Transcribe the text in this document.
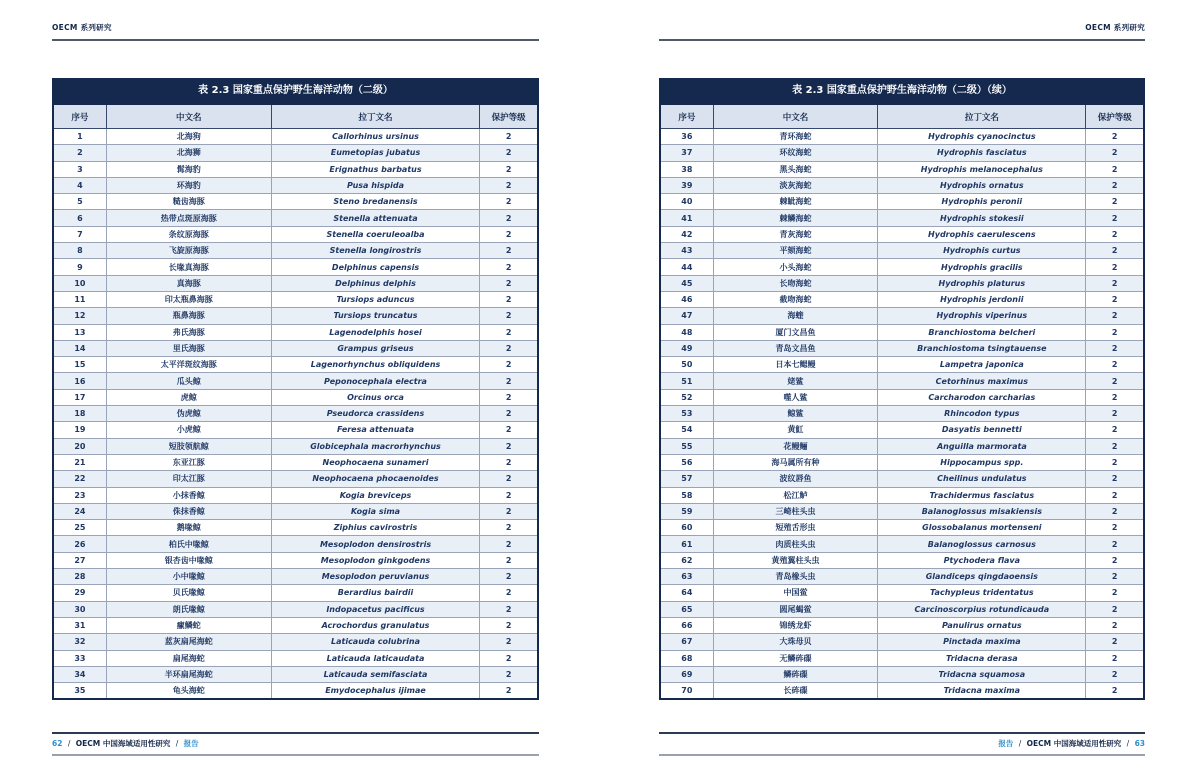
OECM 系列研究
表 2.3 国家重点保护野生海洋动物（二级）
序号	中文名	拉丁文名	保护等级
1	北海狗	Callorhinus ursinus	2
2	北海狮	Eumetopias jubatus	2
3	髯海豹	Erignathus barbatus	2
4	环海豹	Pusa hispida	2
5	糙齿海豚	Steno bredanensis	2
6	热带点斑原海豚	Stenella attenuata	2
7	条纹原海豚	Stenella coeruleoalba	2
8	飞旋原海豚	Stenella longirostris	2
9	长喙真海豚	Delphinus capensis	2
10	真海豚	Delphinus delphis	2
11	印太瓶鼻海豚	Tursiops aduncus	2
12	瓶鼻海豚	Tursiops truncatus	2
13	弗氏海豚	Lagenodelphis hosei	2
14	里氏海豚	Grampus griseus	2
15	太平洋斑纹海豚	Lagenorhynchus obliquidens	2
16	瓜头鲸	Peponocephala electra	2
17	虎鲸	Orcinus orca	2
18	伪虎鲸	Pseudorca crassidens	2
19	小虎鲸	Feresa attenuata	2
20	短肢领航鲸	Globicephala macrorhynchus	2
21	东亚江豚	Neophocaena sunameri	2
22	印太江豚	Neophocaena phocaenoides	2
23	小抹香鲸	Kogia breviceps	2
24	侏抹香鲸	Kogia sima	2
25	鹅喙鲸	Ziphius cavirostris	2
26	柏氏中喙鲸	Mesoplodon densirostris	2
27	银杏齿中喙鲸	Mesoplodon ginkgodens	2
28	小中喙鲸	Mesoplodon peruvianus	2
29	贝氏喙鲸	Berardius bairdii	2
30	朗氏喙鲸	Indopacetus pacificus	2
31	瘰鳞蛇	Acrochordus granulatus	2
32	蓝灰扁尾海蛇	Laticauda colubrina	2
33	扁尾海蛇	Laticauda laticaudata	2
34	半环扁尾海蛇	Laticauda semifasciata	2
35	龟头海蛇	Emydocephalus ijimae	2
62 / OECM 中国海域适用性研究 / 报告
OECM 系列研究
表 2.3 国家重点保护野生海洋动物（二级）（续）
序号	中文名	拉丁文名	保护等级
36	青环海蛇	Hydrophis cyanocinctus	2
37	环纹海蛇	Hydrophis fasciatus	2
38	黑头海蛇	Hydrophis melanocephalus	2
39	淡灰海蛇	Hydrophis ornatus	2
40	棘眦海蛇	Hydrophis peronii	2
41	棘鳞海蛇	Hydrophis stokesii	2
42	青灰海蛇	Hydrophis caerulescens	2
43	平颏海蛇	Hydrophis curtus	2
44	小头海蛇	Hydrophis gracilis	2
45	长吻海蛇	Hydrophis platurus	2
46	截吻海蛇	Hydrophis jerdonii	2
47	海蝰	Hydrophis viperinus	2
48	厦门文昌鱼	Branchiostoma belcheri	2
49	青岛文昌鱼	Branchiostoma tsingtauense	2
50	日本七鳃鳗	Lampetra japonica	2
51	姥鲨	Cetorhinus maximus	2
52	噬人鲨	Carcharodon carcharias	2
53	鲸鲨	Rhincodon typus	2
54	黄魟	Dasyatis bennetti	2
55	花鳗鲡	Anguilla marmorata	2
56	海马属所有种	Hippocampus spp.	2
57	波纹唇鱼	Cheilinus undulatus	2
58	松江鲈	Trachidermus fasciatus	2
59	三崎柱头虫	Balanoglossus misakiensis	2
60	短殖舌形虫	Glossobalanus mortenseni	2
61	肉质柱头虫	Balanoglossus carnosus	2
62	黄殖翼柱头虫	Ptychodera flava	2
63	青岛橡头虫	Glandiceps qingdaoensis	2
64	中国鲎	Tachypleus tridentatus	2
65	圆尾蝎鲎	Carcinoscorpius rotundicauda	2
66	锦绣龙虾	Panulirus ornatus	2
67	大珠母贝	Pinctada maxima	2
68	无鳞砗磲	Tridacna derasa	2
69	鳞砗磲	Tridacna squamosa	2
70	长砗磲	Tridacna maxima	2
报告 / OECM 中国海域适用性研究 / 63
